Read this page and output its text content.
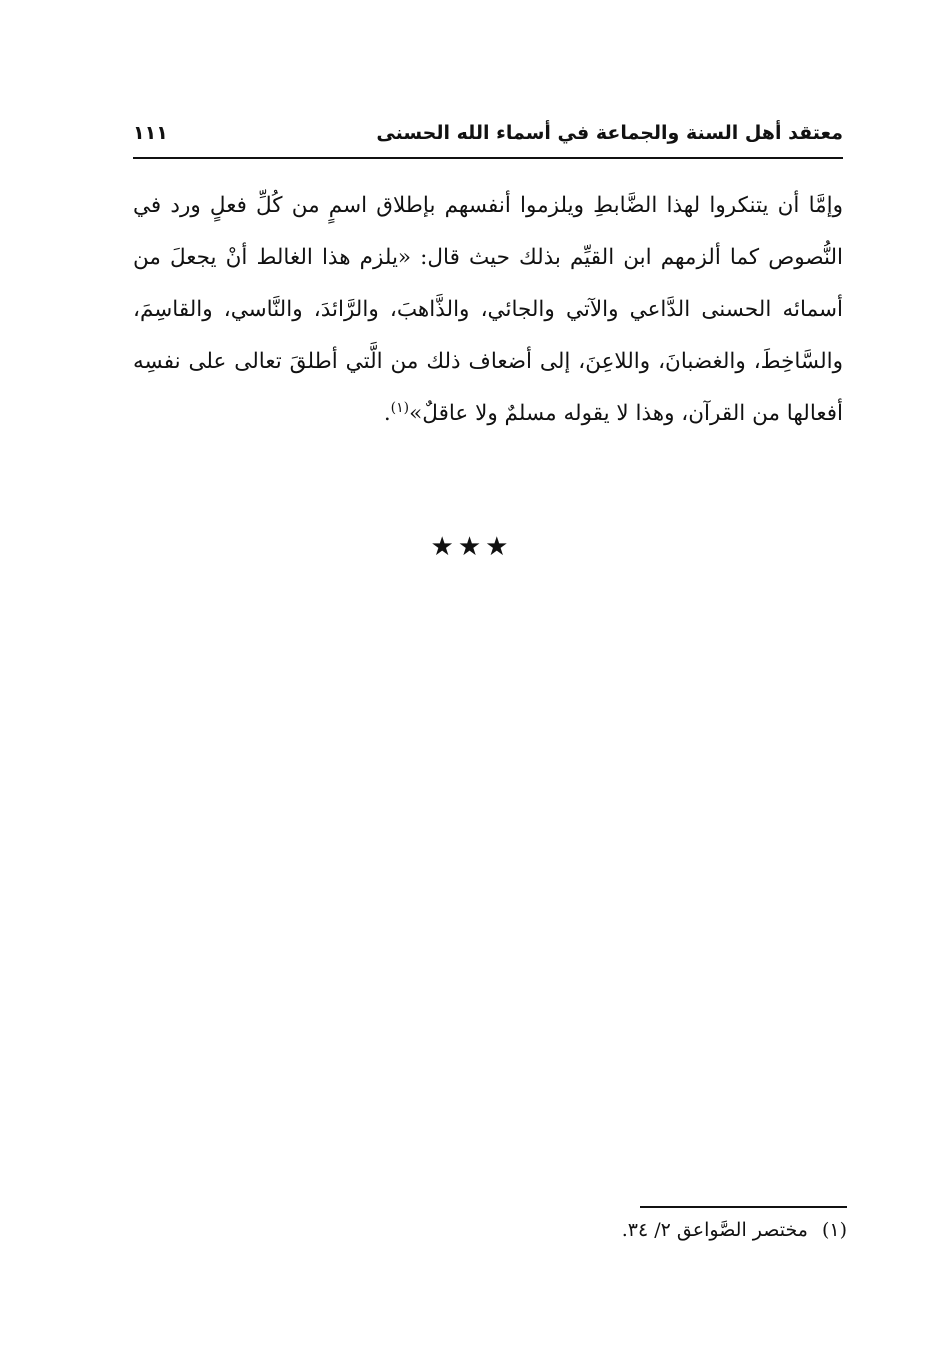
معتقد أهل السنة والجماعة في أسماء الله الحسنى
١١١

وإمَّا أن يتنكروا لهذا الضَّابطِ ويلزموا أنفسهم بإطلاق اسمٍ من كُلِّ فعلٍ ورد في النُّصوص كما ألزمهم ابن القيِّم بذلك حيث قال: «يلزم هذا الغالط أنْ يجعلَ من أسمائه الحسنى الدَّاعي والآتي والجائي، والذَّاهبَ، والرَّائدَ، والنَّاسي، والقاسِمَ، والسَّاخِطَ، والغضبانَ، واللاعِنَ، إلى أضعاف ذلك من الَّتي أطلقَ تعالى على نفسِه أفعالها من القرآن، وهذا لا يقوله مسلمٌ ولا عاقلٌ»$^{(١)}$.

★★★
(١)مختصر الصَّواعق ٢/ ٣٤.
